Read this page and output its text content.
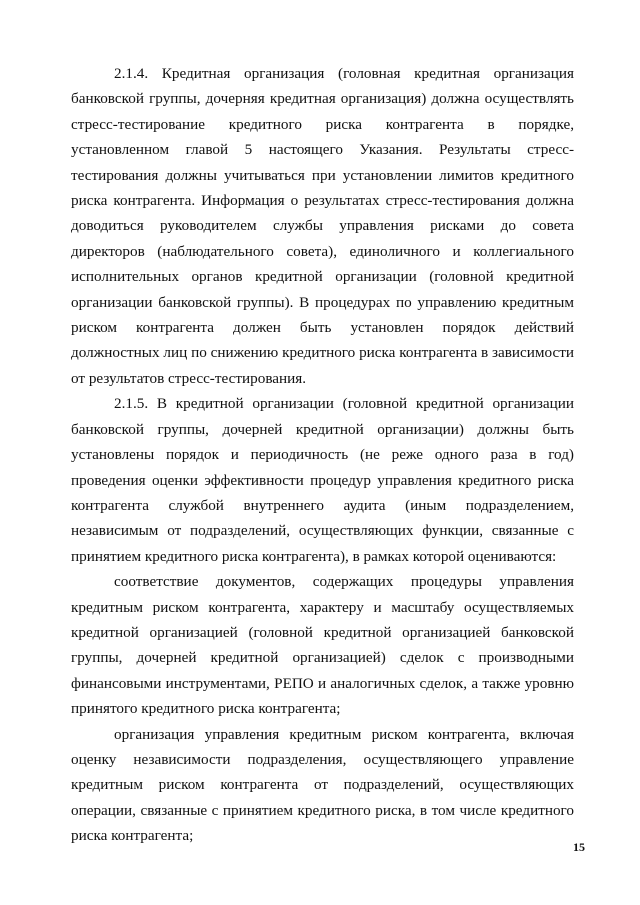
2.1.4. Кредитная организация (головная кредитная организация банковской группы, дочерняя кредитная организация) должна осуществлять стресс-тестирование кредитного риска контрагента в порядке, установленном главой 5 настоящего Указания. Результаты стресс-тестирования должны учитываться при установлении лимитов кредитного риска контрагента. Информация о результатах стресс-тестирования должна доводиться руководителем службы управления рисками до совета директоров (наблюдательного совета), единоличного и коллегиального исполнительных органов кредитной организации (головной кредитной организации банковской группы). В процедурах по управлению кредитным риском контрагента должен быть установлен порядок действий должностных лиц по снижению кредитного риска контрагента в зависимости от результатов стресс-тестирования.

2.1.5. В кредитной организации (головной кредитной организации банковской группы, дочерней кредитной организации) должны быть установлены порядок и периодичность (не реже одного раза в год) проведения оценки эффективности процедур управления кредитного риска контрагента службой внутреннего аудита (иным подразделением, независимым от подразделений, осуществляющих функции, связанные с принятием кредитного риска контрагента), в рамках которой оцениваются:

соответствие документов, содержащих процедуры управления кредитным риском контрагента, характеру и масштабу осуществляемых кредитной организацией (головной кредитной организацией банковской группы, дочерней кредитной организацией) сделок с производными финансовыми инструментами, РЕПО и аналогичных сделок, а также уровню принятого кредитного риска контрагента;

организация управления кредитным риском контрагента, включая оценку независимости подразделения, осуществляющего управление кредитным риском контрагента от подразделений, осуществляющих операции, связанные с принятием кредитного риска, в том числе кредитного риска контрагента;

15
